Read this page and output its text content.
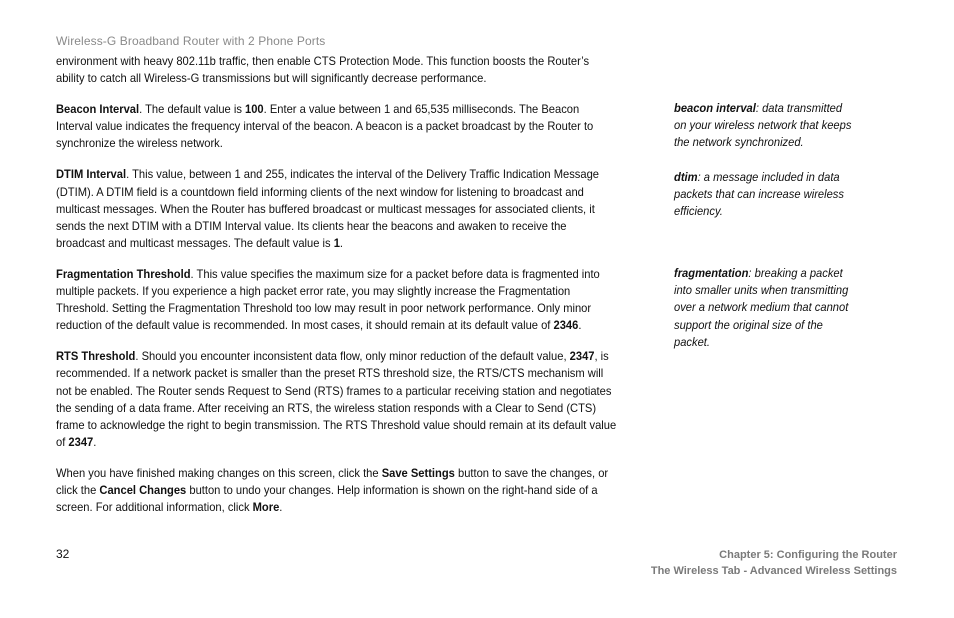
Wireless-G Broadband Router with 2 Phone Ports

environment with heavy 802.11b traffic, then enable CTS Protection Mode. This function boosts the Router’s ability to catch all Wireless-G transmissions but will significantly decrease performance.

Beacon Interval. The default value is 100. Enter a value between 1 and 65,535 milliseconds. The Beacon Interval value indicates the frequency interval of the beacon. A beacon is a packet broadcast by the Router to synchronize the wireless network.

DTIM Interval. This value, between 1 and 255, indicates the interval of the Delivery Traffic Indication Message (DTIM). A DTIM field is a countdown field informing clients of the next window for listening to broadcast and multicast messages. When the Router has buffered broadcast or multicast messages for associated clients, it sends the next DTIM with a DTIM Interval value. Its clients hear the beacons and awaken to receive the broadcast and multicast messages. The default value is 1.

Fragmentation Threshold. This value specifies the maximum size for a packet before data is fragmented into multiple packets. If you experience a high packet error rate, you may slightly increase the Fragmentation Threshold. Setting the Fragmentation Threshold too low may result in poor network performance. Only minor reduction of the default value is recommended. In most cases, it should remain at its default value of 2346.

RTS Threshold. Should you encounter inconsistent data flow, only minor reduction of the default value, 2347, is recommended. If a network packet is smaller than the preset RTS threshold size, the RTS/CTS mechanism will not be enabled. The Router sends Request to Send (RTS) frames to a particular receiving station and negotiates the sending of a data frame. After receiving an RTS, the wireless station responds with a Clear to Send (CTS) frame to acknowledge the right to begin transmission. The RTS Threshold value should remain at its default value of 2347.

When you have finished making changes on this screen, click the Save Settings button to save the changes, or click the Cancel Changes button to undo your changes. Help information is shown on the right-hand side of a screen. For additional information, click More.

beacon interval: data transmitted on your wireless network that keeps the network synchronized.
dtim: a message included in data packets that can increase wireless efficiency.
fragmentation: breaking a packet into smaller units when transmitting over a network medium that cannot support the original size of the packet.
32	Chapter 5: Configuring the Router
The Wireless Tab - Advanced Wireless Settings
